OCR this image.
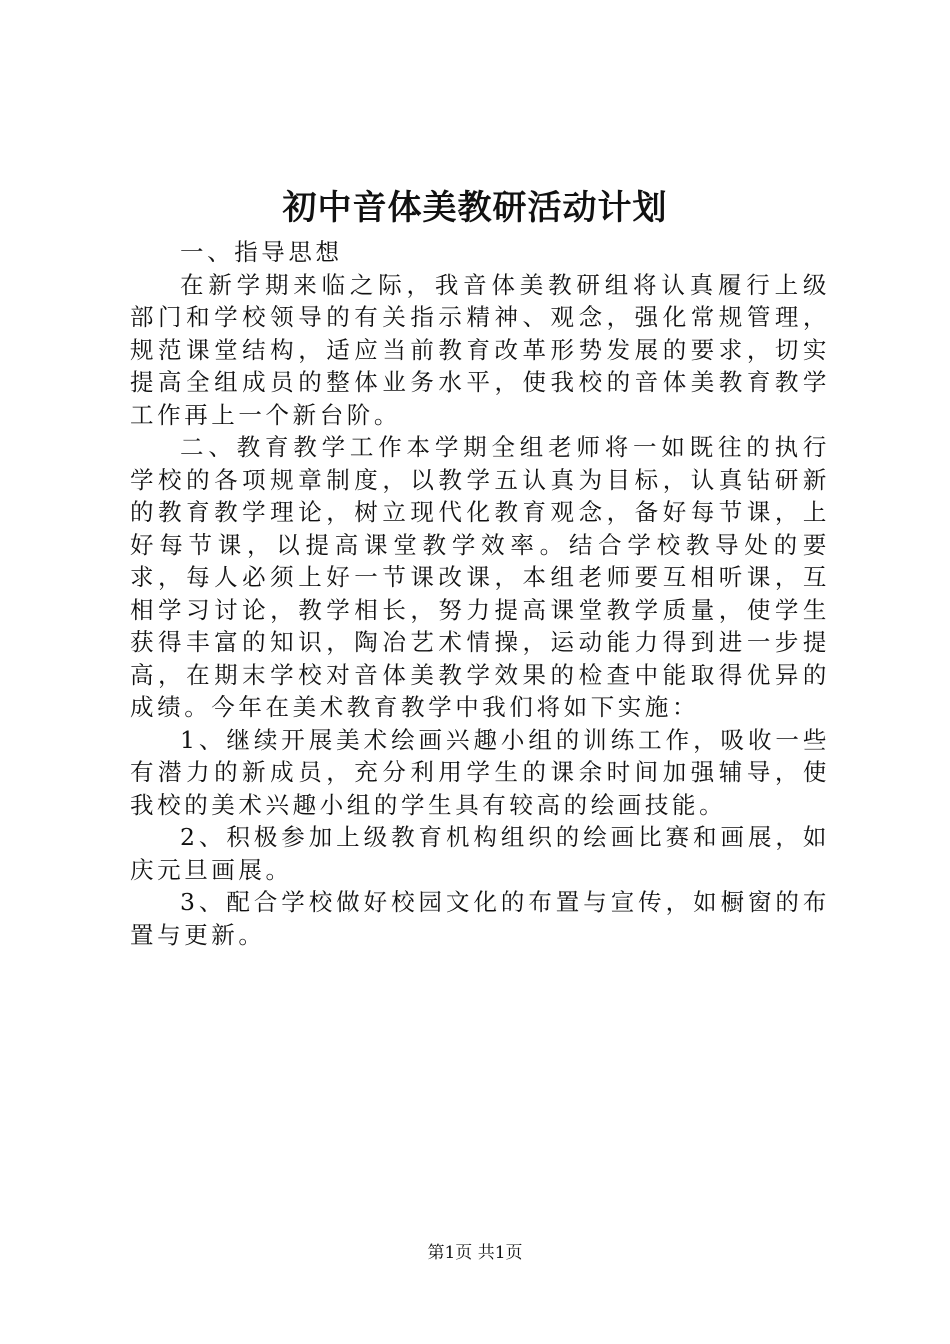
初中音体美教研活动计划

一、指导思想

在新学期来临之际，我音体美教研组将认真履行上级部门和学校领导的有关指示精神、观念，强化常规管理，规范课堂结构，适应当前教育改革形势发展的要求，切实提高全组成员的整体业务水平，使我校的音体美教育教学工作再上一个新台阶。

二、教育教学工作本学期全组老师将一如既往的执行学校的各项规章制度，以教学五认真为目标，认真钻研新的教育教学理论，树立现代化教育观念，备好每节课，上好每节课，以提高课堂教学效率。结合学校教导处的要求，每人必须上好一节课改课，本组老师要互相听课，互相学习讨论，教学相长，努力提高课堂教学质量，使学生获得丰富的知识，陶冶艺术情操，运动能力得到进一步提高，在期末学校对音体美教学效果的检查中能取得优异的成绩。今年在美术教育教学中我们将如下实施：

1、继续开展美术绘画兴趣小组的训练工作，吸收一些有潜力的新成员，充分利用学生的课余时间加强辅导，使我校的美术兴趣小组的学生具有较高的绘画技能。

2、积极参加上级教育机构组织的绘画比赛和画展，如庆元旦画展。

3、配合学校做好校园文化的布置与宣传，如橱窗的布置与更新。

第1页 共1页
